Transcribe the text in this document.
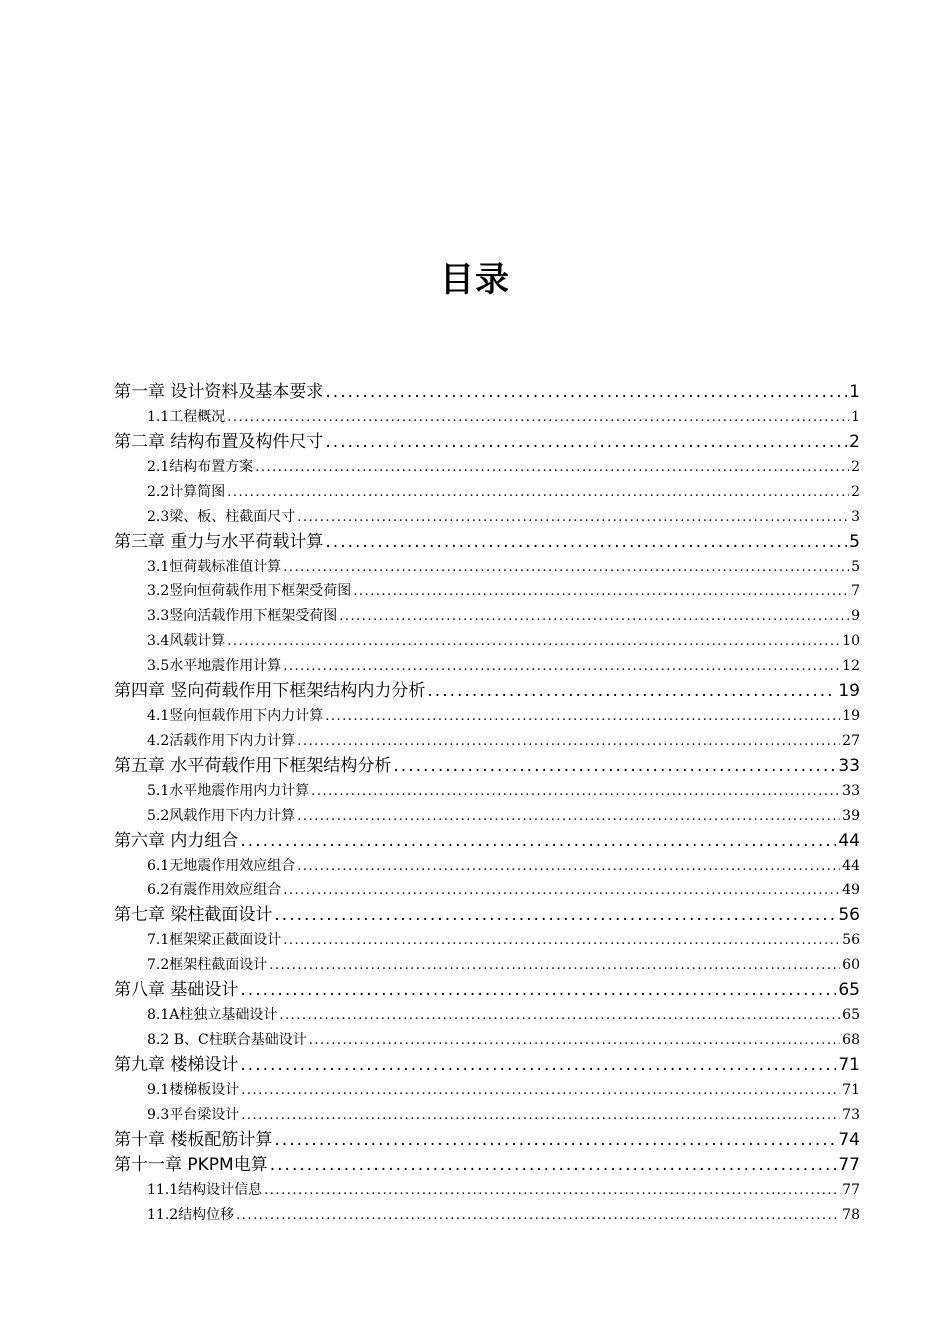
目录
第一章 设计资料及基本要求 .....	1
1.1工程概况 .....	1
第二章 结构布置及构件尺寸 .....	2
2.1结构布置方案 .....	2
2.2计算简图 .....	2
2.3梁、板、柱截面尺寸 .....	3
第三章 重力与水平荷载计算 .....	5
3.1恒荷载标准值计算 .....	5
3.2竖向恒荷载作用下框架受荷图 .....	7
3.3竖向活载作用下框架受荷图 .....	9
3.4风载计算 .....	10
3.5水平地震作用计算 .....	12
第四章 竖向荷载作用下框架结构内力分析 .....	19
4.1竖向恒载作用下内力计算 .....	19
4.2活载作用下内力计算 .....	27
第五章 水平荷载作用下框架结构分析 .....	33
5.1水平地震作用内力计算 .....	33
5.2风载作用下内力计算 .....	39
第六章 内力组合 .....	44
6.1无地震作用效应组合 .....	44
6.2有震作用效应组合 .....	49
第七章 梁柱截面设计 .....	56
7.1框架梁正截面设计 .....	56
7.2框架柱截面设计 .....	60
第八章 基础设计 .....	65
8.1A柱独立基础设计 .....	65
8.2 B、C柱联合基础设计 .....	68
第九章 楼梯设计 .....	71
9.1楼梯板设计 .....	71
9.3平台梁设计 .....	73
第十章 楼板配筋计算 .....	74
第十一章 PKPM电算 .....	77
11.1结构设计信息 .....	77
11.2结构位移 .....	78
